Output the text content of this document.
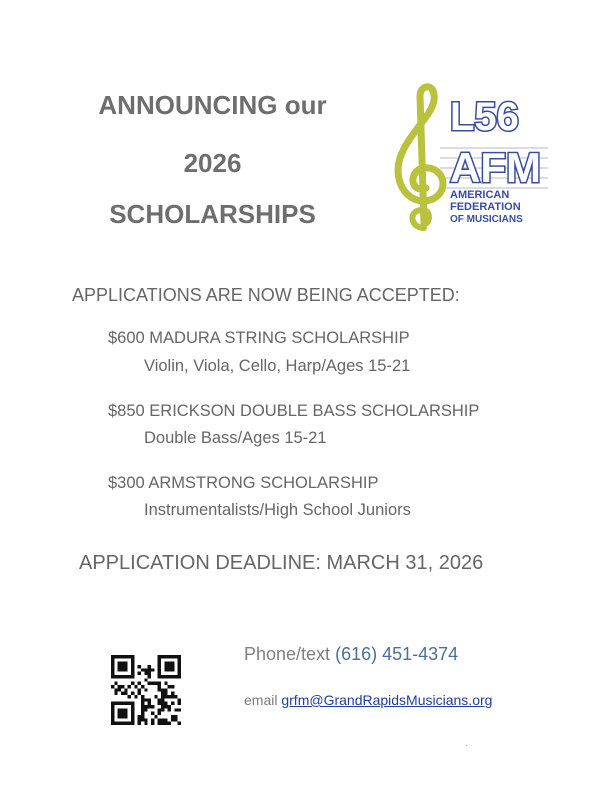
ANNOUNCING our
2026
SCHOLARSHIPS
L56
AFM
AMERICAN
FEDERATION
OF MUSICIANS
APPLICATIONS ARE NOW BEING ACCEPTED:
$600 MADURA STRING SCHOLARSHIP
Violin, Viola, Cello, Harp/Ages 15-21
$850 ERICKSON DOUBLE BASS SCHOLARSHIP
Double Bass/Ages 15-21
$300 ARMSTRONG SCHOLARSHIP
Instrumentalists/High School Juniors
APPLICATION DEADLINE: MARCH 31, 2026
Phone/text (616) 451-4374
email grfm@GrandRapidsMusicians.org
.
